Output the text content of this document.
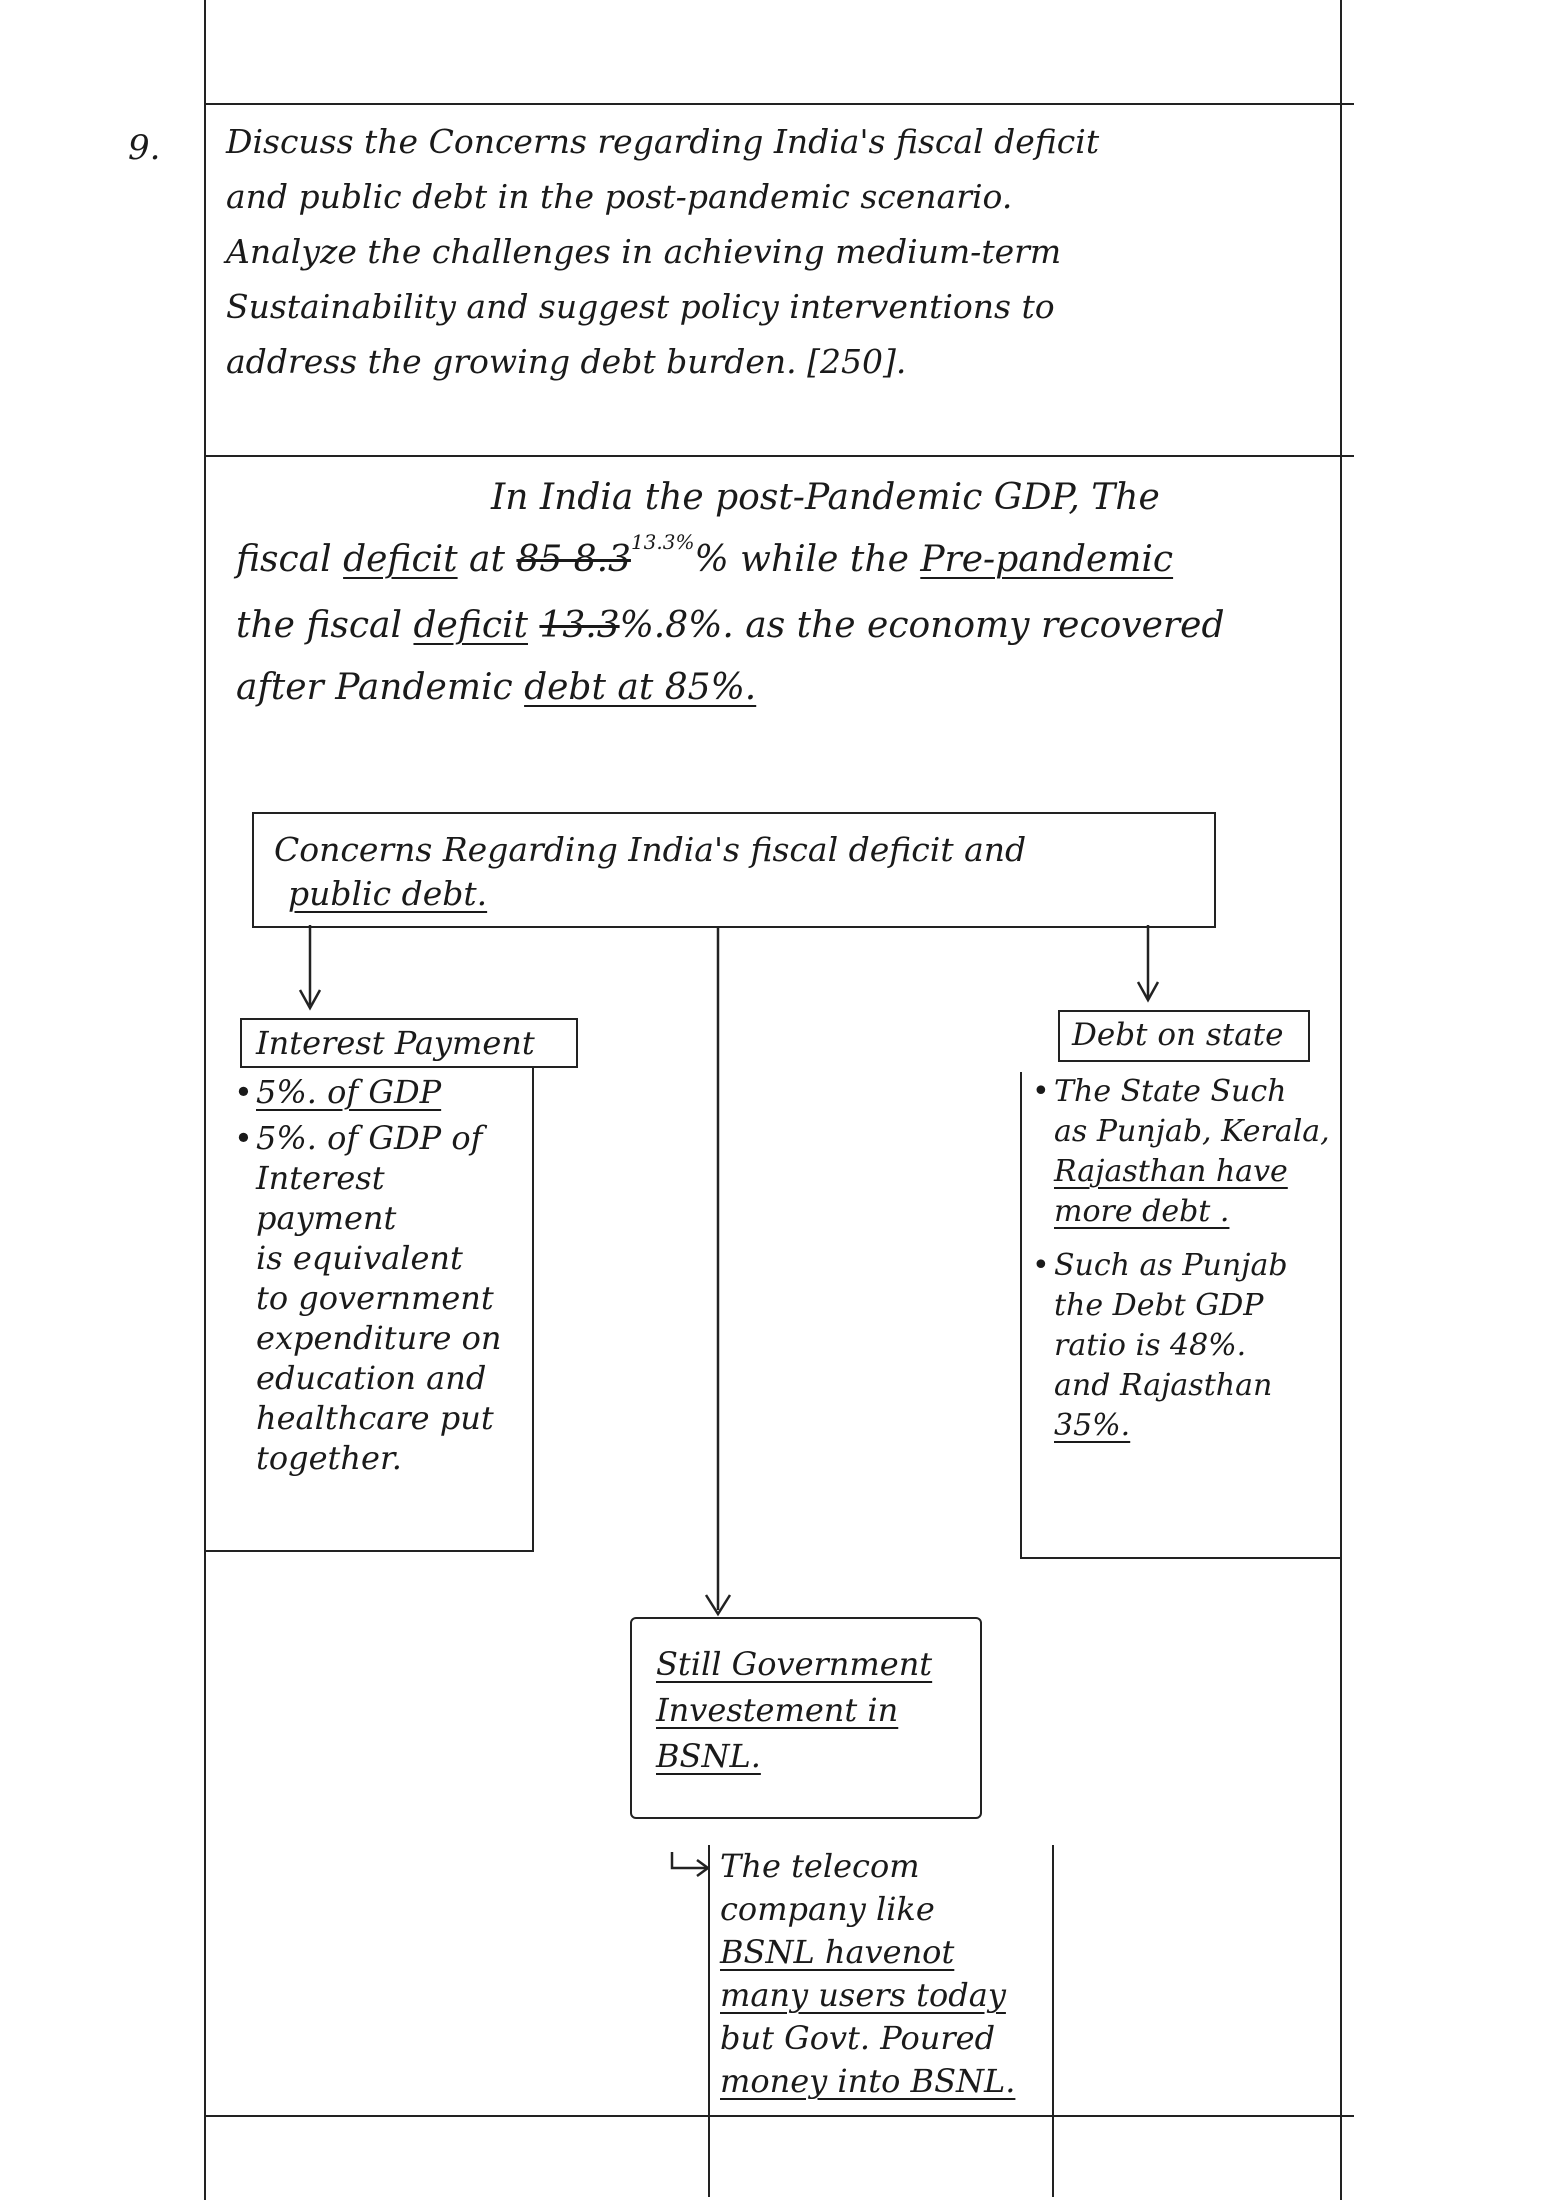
9. Discuss the Concerns regarding India's fiscal deficit
and public debt in the post-pandemic scenario.
Analyze the challenges in achieving medium-term
Sustainability and suggest policy interventions to
address the growing debt burden. [250].
In India the post-Pandemic GDP, The
fiscal deficit at 85 $8.3^{13.3\%}\%$ while the Pre-pandemic
the fiscal deficit 13.3%.8%. as the economy recovered
after Pandemic debt at 85%.
Concerns Regarding India's fiscal deficit and
public debt.
Interest Payment
• 5%. of GDP
• 5%. of GDP of
Interest payment
is equivalent
to government
expenditure on
education and
healthcare put
together.
Debt on state
• The State Such
as Punjab, Kerala,
Rajasthan have
more debt .
• Such as Punjab
the Debt GDP
ratio is 48%.
and Rajasthan
35%.
Still Government
Investement in
BSNL.
The telecom
company like
BSNL havenot
many users today
but Govt. Poured
money into BSNL.
